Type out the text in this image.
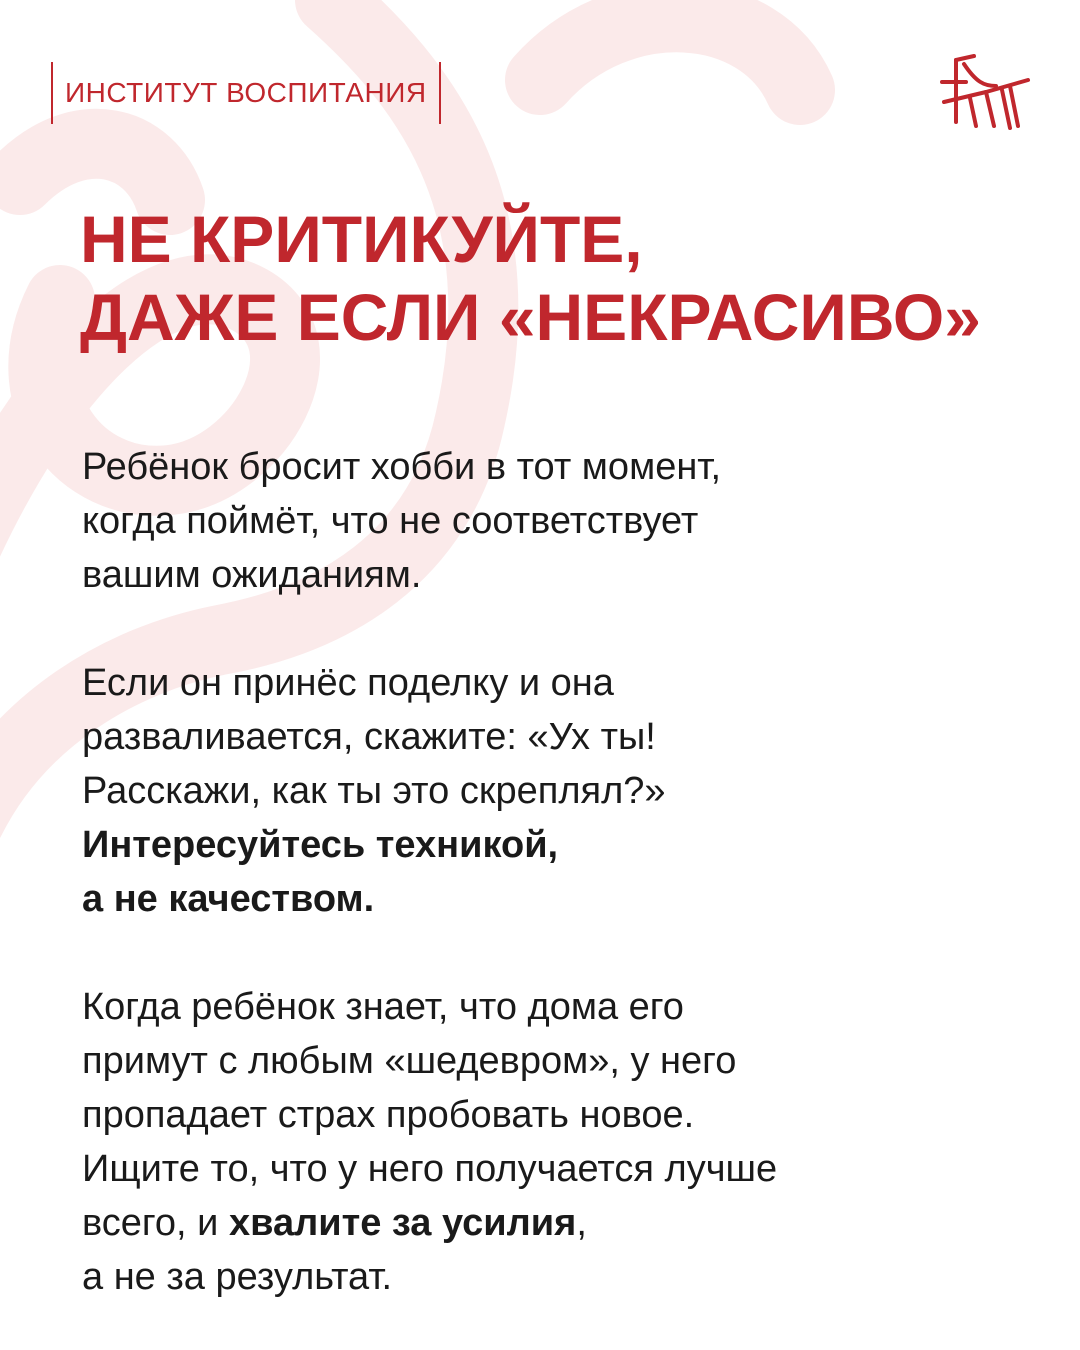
ИНСТИТУТ ВОСПИТАНИЯ
НЕ КРИТИКУЙТЕ,
ДАЖЕ ЕСЛИ «НЕКРАСИВО»

Ребёнок бросит хобби в тот момент,

когда поймёт, что не соответствует

вашим ожиданиям.

Если он принёс поделку и она

разваливается, скажите: «Ух ты!

Расскажи, как ты это скреплял?»

Интересуйтесь техникой,

а не качеством.

Когда ребёнок знает, что дома его

примут с любым «шедевром», у него

пропадает страх пробовать новое.

Ищите то, что у него получается лучше

всего, и хвалите за усилия,

а не за результат.
